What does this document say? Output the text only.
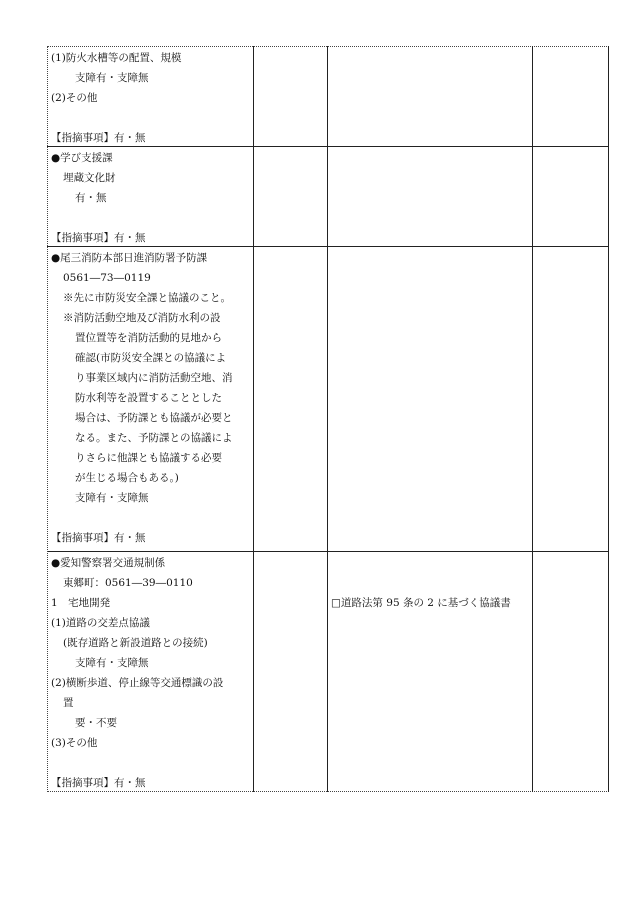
(1)防火水槽等の配置、規模
支障有・支障無
(2)その他
【指摘事項】有・無
●学び支援課
埋蔵文化財
有・無
【指摘事項】有・無
●尾三消防本部日進消防署予防課
0561―73―0119
※先に市防災安全課と協議のこと。
※消防活動空地及び消防水利の設
置位置等を消防活動的見地から
確認(市防災安全課との協議によ
り事業区域内に消防活動空地、消
防水利等を設置することとした
場合は、予防課とも協議が必要と
なる。また、予防課との協議によ
りさらに他課とも協議する必要
が生じる場合もある。)
支障有・支障無
【指摘事項】有・無
●愛知警察署交通規制係
東郷町：0561―39―0110
1　宅地開発
(1)道路の交差点協議
(既存道路と新設道路との接続)
支障有・支障無
(2)横断歩道、停止線等交通標識の設
置
要・不要
(3)その他
【指摘事項】有・無
□道路法第 95 条の 2 に基づく協議書
